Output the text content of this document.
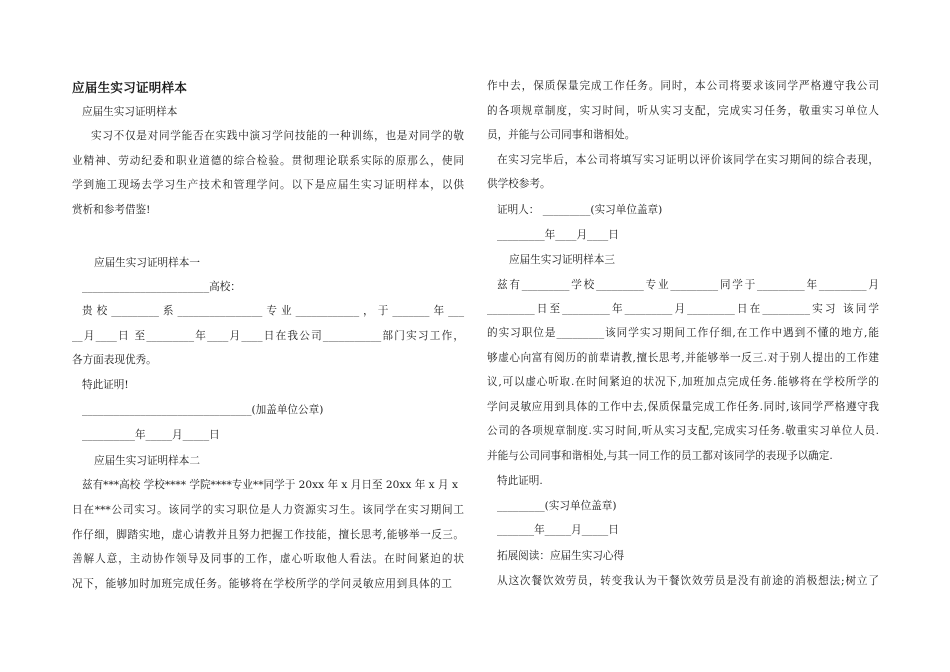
应届生实习证明样本
应届生实习证明样本
实习不仅是对同学能否在实践中演习学问技能的一种训练，也是对同学的敬
业精神、劳动纪委和职业道德的综合检验。贯彻理论联系实际的原那么，使同
学到施工现场去学习生产技术和管理学问。以下是应届生实习证明样本，以供
赏析和参考借鉴!
应届生实习证明样本一
________________________高校：
贵校_________系________________专业____________，于_______年___
__月____日 至_________年____月____日在我公司___________部门实习工作，
各方面表现优秀。
特此证明!
________________________________(加盖单位公章)
__________年_____月_____日
应届生实习证明样本二
兹有***高校 学校**** 学院****专业**同学于 20xx 年 x 月日至 20xx 年 x 月 x
日在***公司实习。该同学的实习职位是人力资源实习生。该同学在实习期间工
作仔细，脚踏实地，虚心请教并且努力把握工作技能，擅长思考,能够举一反三。
善解人意，主动协作领导及同事的工作，虚心听取他人看法。在时间紧迫的状
况下，能够加时加班完成任务。能够将在学校所学的学问灵敏应用到具体的工
作中去，保质保量完成工作任务。同时，本公司将要求该同学严格遵守我公司
的各项规章制度，实习时间，听从实习支配，完成实习任务，敬重实习单位人
员，并能与公司同事和谐相处。
在实习完毕后，本公司将填写实习证明以评价该同学在实习期间的综合表现，
供学校参考。
证明人： _________(实习单位盖章)
_________年____月____日
应届生实习证明样本三
兹有_________学校_________专业_________同学于_________年_________月
_________日至_________年_________月_________日在_________实习 该同学
的实习职位是_________该同学实习期间工作仔细,在工作中遇到不懂的地方,能
够虚心向富有阅历的前辈请教,擅长思考,并能够举一反三.对于别人提出的工作建
议,可以虚心听取.在时间紧迫的状况下,加班加点完成任务.能够将在学校所学的
学问灵敏应用到具体的工作中去,保质保量完成工作任务.同时,该同学严格遵守我
公司的各项规章制度.实习时间,听从实习支配,完成实习任务.敬重实习单位人员.
并能与公司同事和谐相处,与其一同工作的员工都对该同学的表现予以确定.
特此证明.
_________(实习单位盖章)
_______年_____月_____日
拓展阅读：应届生实习心得
从这次餐饮效劳员，转变我认为干餐饮效劳员是没有前途的消极想法;树立了
